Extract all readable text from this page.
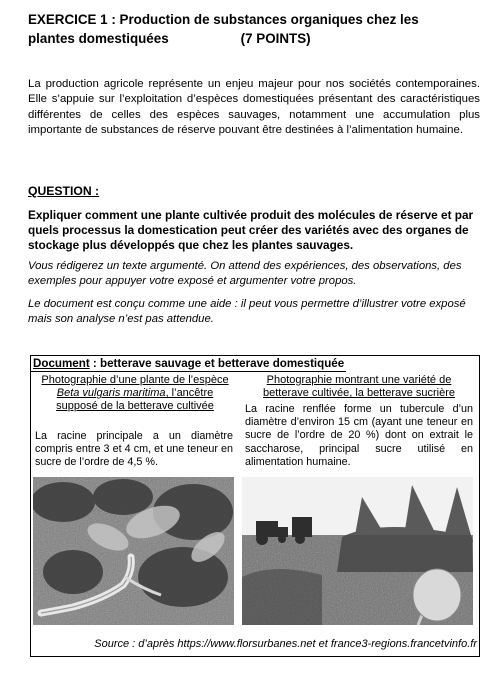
EXERCICE 1 : Production de substances organiques chez les
plantes domestiquées	(7 POINTS)
La production agricole représente un enjeu majeur pour nos sociétés contemporaines. Elle s’appuie sur l’exploitation d’espèces domestiquées présentant des caractéristiques différentes de celles des espèces sauvages, notamment une accumulation plus importante de substances de réserve pouvant être destinées à l’alimentation humaine.
QUESTION :
Expliquer comment une plante cultivée produit des molécules de réserve et par quels processus la domestication peut créer des variétés avec des organes de stockage plus développés que chez les plantes sauvages.
Vous rédigerez un texte argumenté. On attend des expériences, des observations, des exemples pour appuyer votre exposé et argumenter votre propos.
Le document est conçu comme une aide : il peut vous permettre d’illustrer votre exposé mais son analyse n’est pas attendue.
Document : betterave sauvage et betterave domestiquée
Photographie d’une plante de l’espèce Beta vulgaris maritima, l’ancêtre supposé de la betterave cultivée
La racine principale a un diamètre compris entre 3 et 4 cm, et une teneur en sucre de l’ordre de 4,5 %.
Photographie montrant une variété de betterave cultivée, la betterave sucrière
La racine renflée forme un tubercule d’un diamètre d’environ 15 cm (ayant une teneur en sucre de l’ordre de 20 %) dont on extrait le saccharose, principal sucre utilisé en alimentation humaine.
Source : d’après https://www.florsurbanes.net et france3-regions.francetvinfo.fr
